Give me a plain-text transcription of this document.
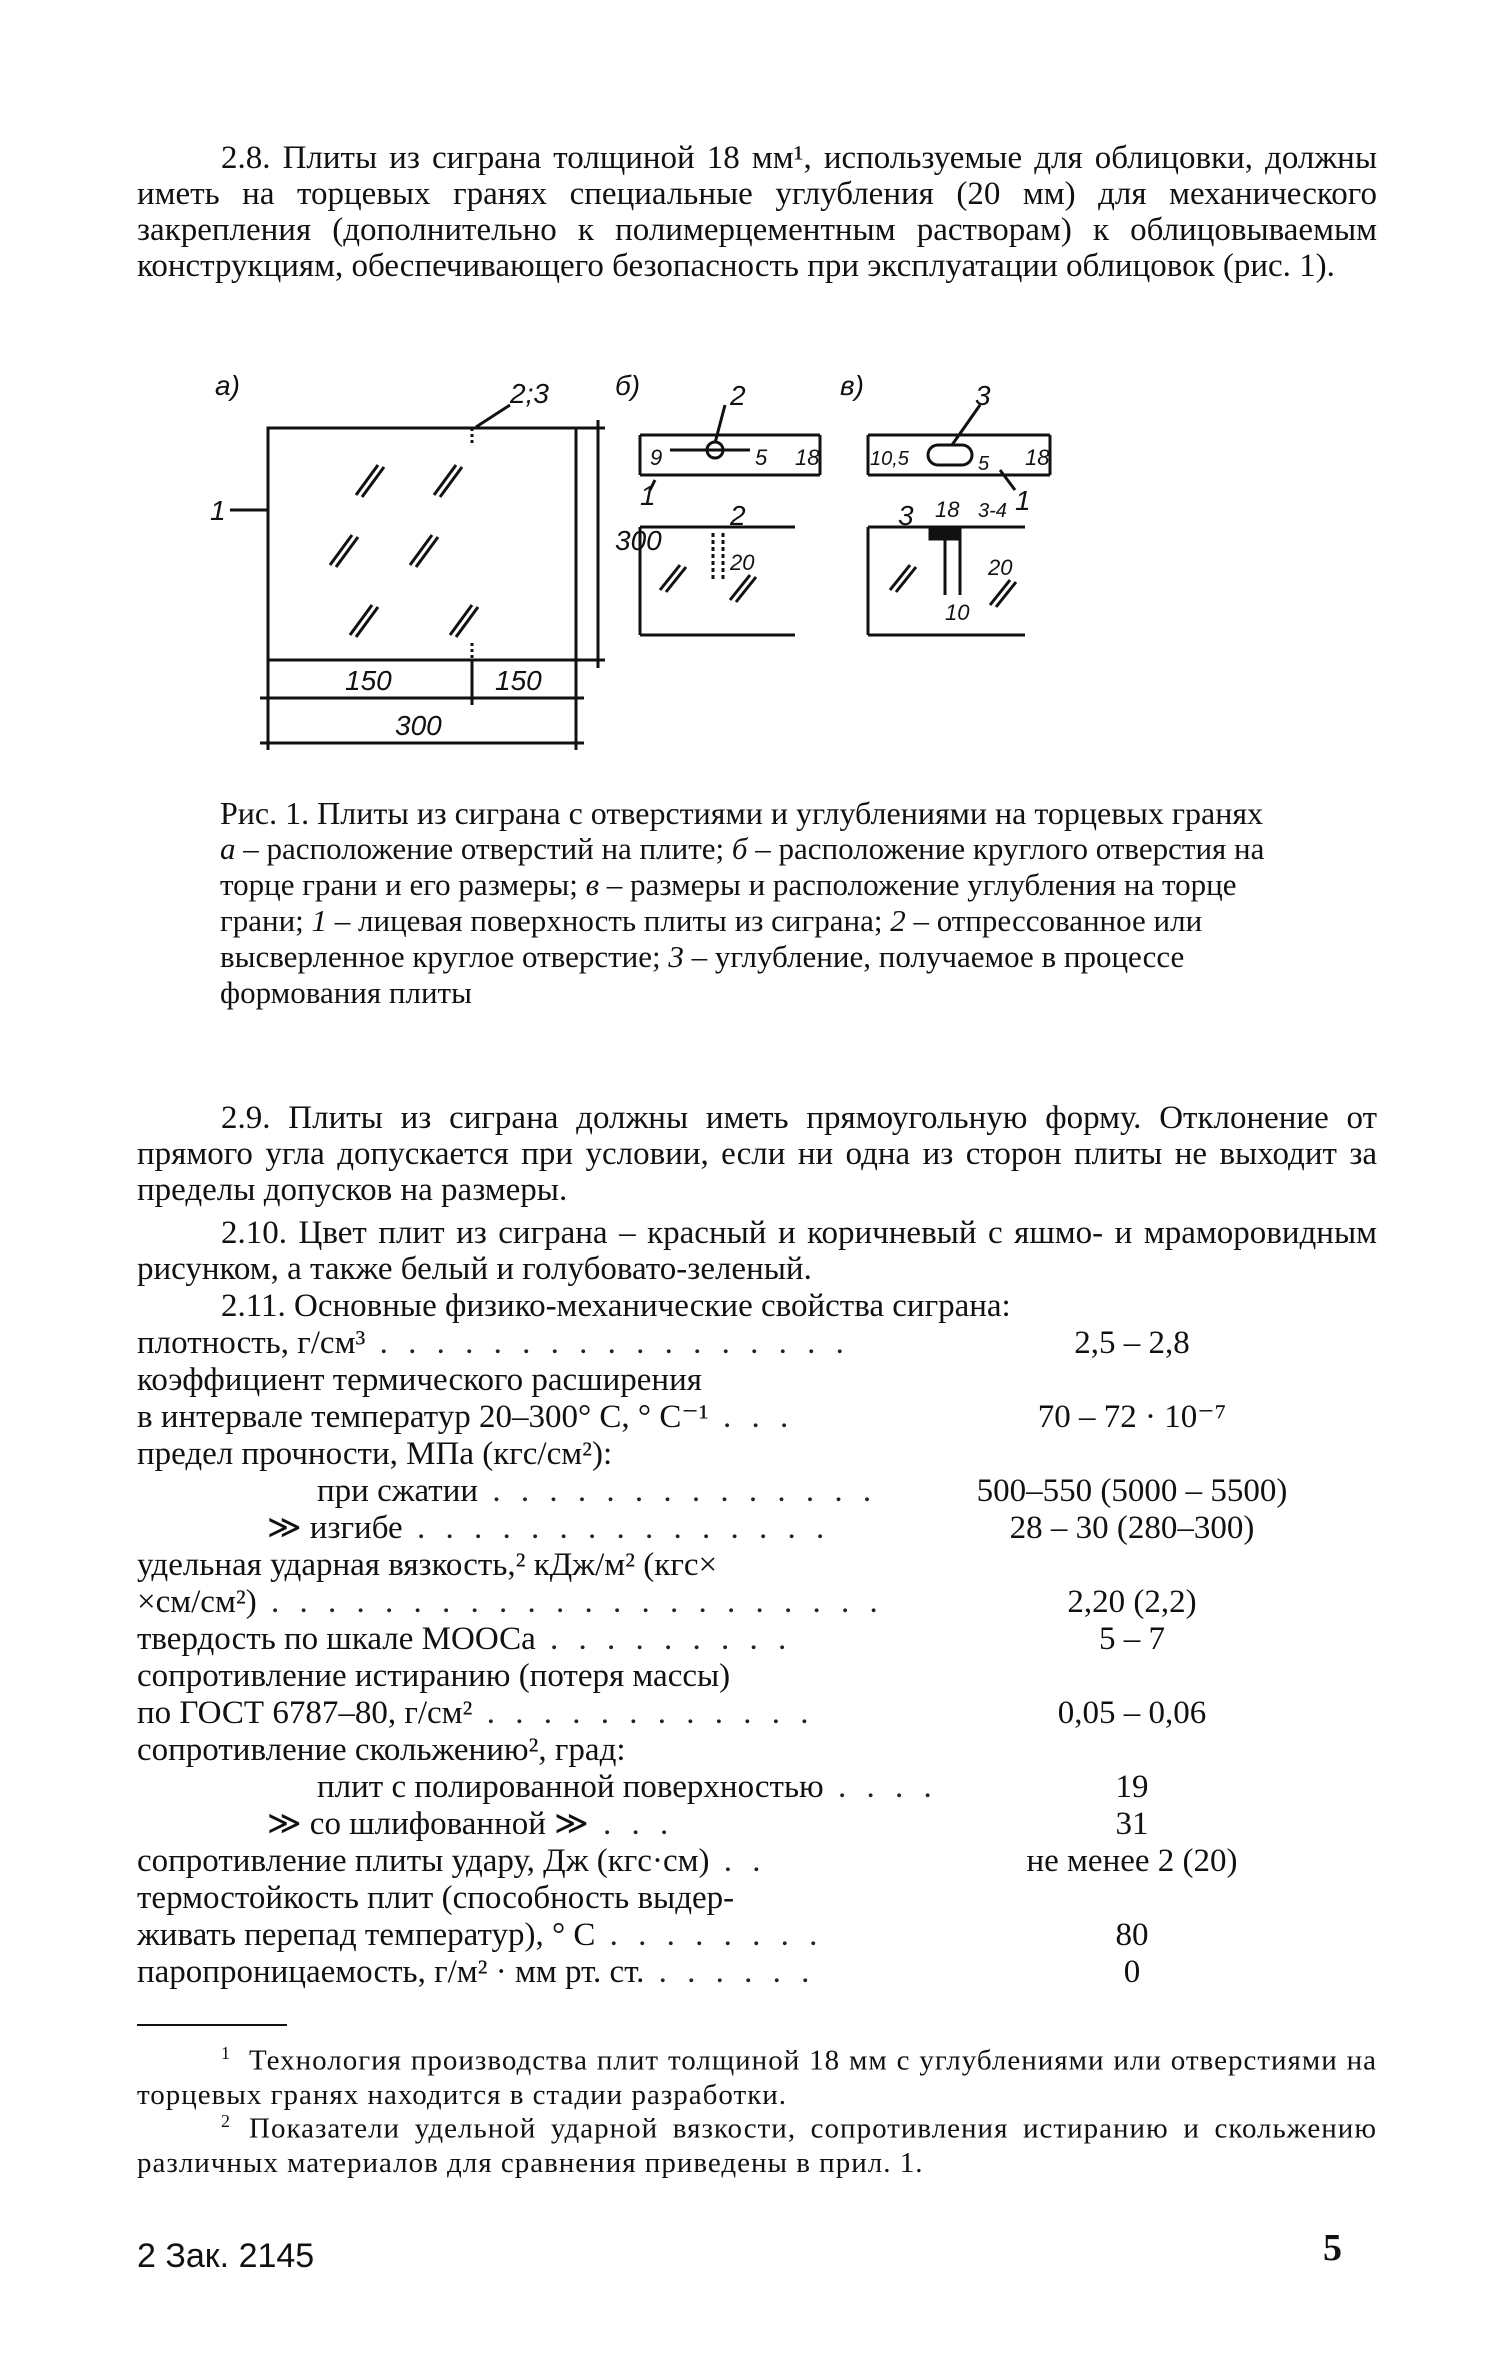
2.8. Плиты из сиграна толщиной 18 мм¹, используемые для облицовки, должны иметь на торцевых гранях специальные углубления (20 мм) для механического закрепления (дополнительно к полимерцементным растворам) к облицовываемым конструкциям, обеспечивающего безопасность при эксплуатации облицовок (рис. 1).

а)	б)	в)
2;3
1
300
150	150
300
2
9	5 18
1
2
20
3
10,5	5 18
1
3 18 3-4
20
10
Рис. 1. Плиты из сиграна с отверстиями и углублениями на торцевых гранях
а – расположение отверстий на плите; б – расположение круглого отверстия на торце грани и его размеры; в – размеры и расположение углубления на торце грани; 1 – лицевая поверхность плиты из сиграна; 2 – отпрессованное или высверленное круглое отверстие; 3 – углубление, получаемое в процессе формования плиты

2.9. Плиты из сиграна должны иметь прямоугольную форму. Отклонение от прямого угла допускается при условии, если ни одна из сторон плиты не выходит за пределы допусков на размеры.

2.10. Цвет плит из сиграна – красный и коричневый с яшмо- и мраморовидным рисунком, а также белый и голубовато-зеленый.

2.11. Основные физико-механические свойства сиграна:

плотность, г/см³ . . . . . . . . . . . . . . . . .	2,5 – 2,8
коэффициент термического расширения
в интервале температур 20–300° С, ° С⁻¹ . . .	70 – 72 · 10⁻⁷
предел прочности, МПа (кгс/см²):
при сжатии . . . . . . . . . . . . . .	500–550 (5000 – 5500)
≫ изгибе . . . . . . . . . . . . . . .	28 – 30 (280–300)
удельная ударная вязкость,² кДж/м² (кгс×
×см/см²) . . . . . . . . . . . . . . . . . . . . . .	2,20 (2,2)
твердость по шкале МООСа . . . . . . . . .	5 – 7
сопротивление истиранию (потеря массы)
по ГОСТ 6787–80, г/см² . . . . . . . . . . . .	0,05 – 0,06
сопротивление скольжению², град:
плит с полированной поверхностью . . . .	19
≫ со шлифованной ≫ . . .	31
сопротивление плиты удару, Дж (кгс·см) . .	не менее 2 (20)
термостойкость плит (способность выдер-
живать перепад температур), ° С . . . . . . . .	80
паропроницаемость, г/м² · мм рт. ст. . . . . . .	0
$^1$ Технология производства плит толщиной 18 мм с углублениями или отверстиями на торцевых гранях находится в стадии разработки.
$^2$ Показатели удельной ударной вязкости, сопротивления истиранию и скольжению различных материалов для сравнения приведены в прил. 1.
2 Зак. 2145	5
